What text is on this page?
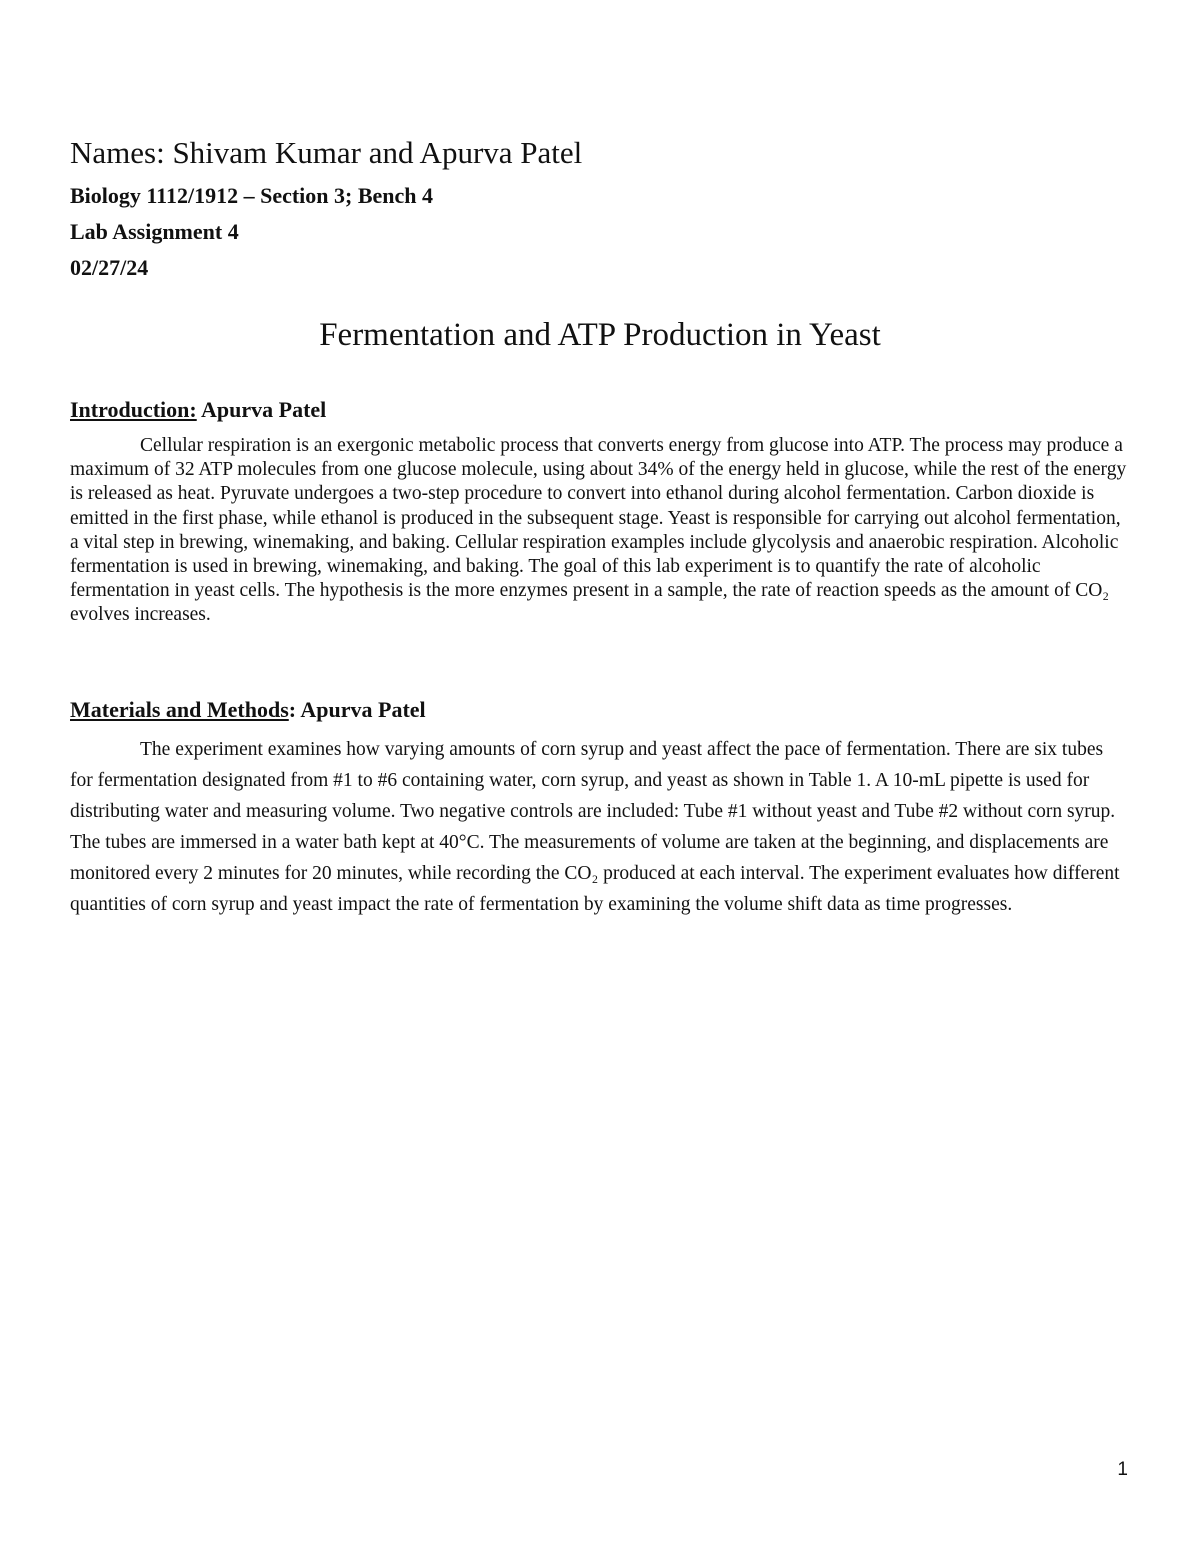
Names: Shivam Kumar and Apurva Patel

Biology 1112/1912 – Section 3; Bench 4

Lab Assignment 4

02/27/24

Fermentation and ATP Production in Yeast

Introduction: Apurva Patel

Cellular respiration is an exergonic metabolic process that converts energy from glucose into ATP. The process may produce a maximum of 32 ATP molecules from one glucose molecule, using about 34% of the energy held in glucose, while the rest of the energy is released as heat. Pyruvate undergoes a two-step procedure to convert into ethanol during alcohol fermentation. Carbon dioxide is emitted in the first phase, while ethanol is produced in the subsequent stage. Yeast is responsible for carrying out alcohol fermentation, a vital step in brewing, winemaking, and baking. Cellular respiration examples include glycolysis and anaerobic respiration. Alcoholic fermentation is used in brewing, winemaking, and baking. The goal of this lab experiment is to quantify the rate of alcoholic fermentation in yeast cells. The hypothesis is the more enzymes present in a sample, the rate of reaction speeds as the amount of CO₂ evolves increases.

Materials and Methods: Apurva Patel

The experiment examines how varying amounts of corn syrup and yeast affect the pace of fermentation. There are six tubes for fermentation designated from #1 to #6 containing water, corn syrup, and yeast as shown in Table 1. A 10-mL pipette is used for distributing water and measuring volume. Two negative controls are included: Tube #1 without yeast and Tube #2 without corn syrup. The tubes are immersed in a water bath kept at 40°C. The measurements of volume are taken at the beginning, and displacements are monitored every 2 minutes for 20 minutes, while recording the CO₂ produced at each interval. The experiment evaluates how different quantities of corn syrup and yeast impact the rate of fermentation by examining the volume shift data as time progresses.

1
